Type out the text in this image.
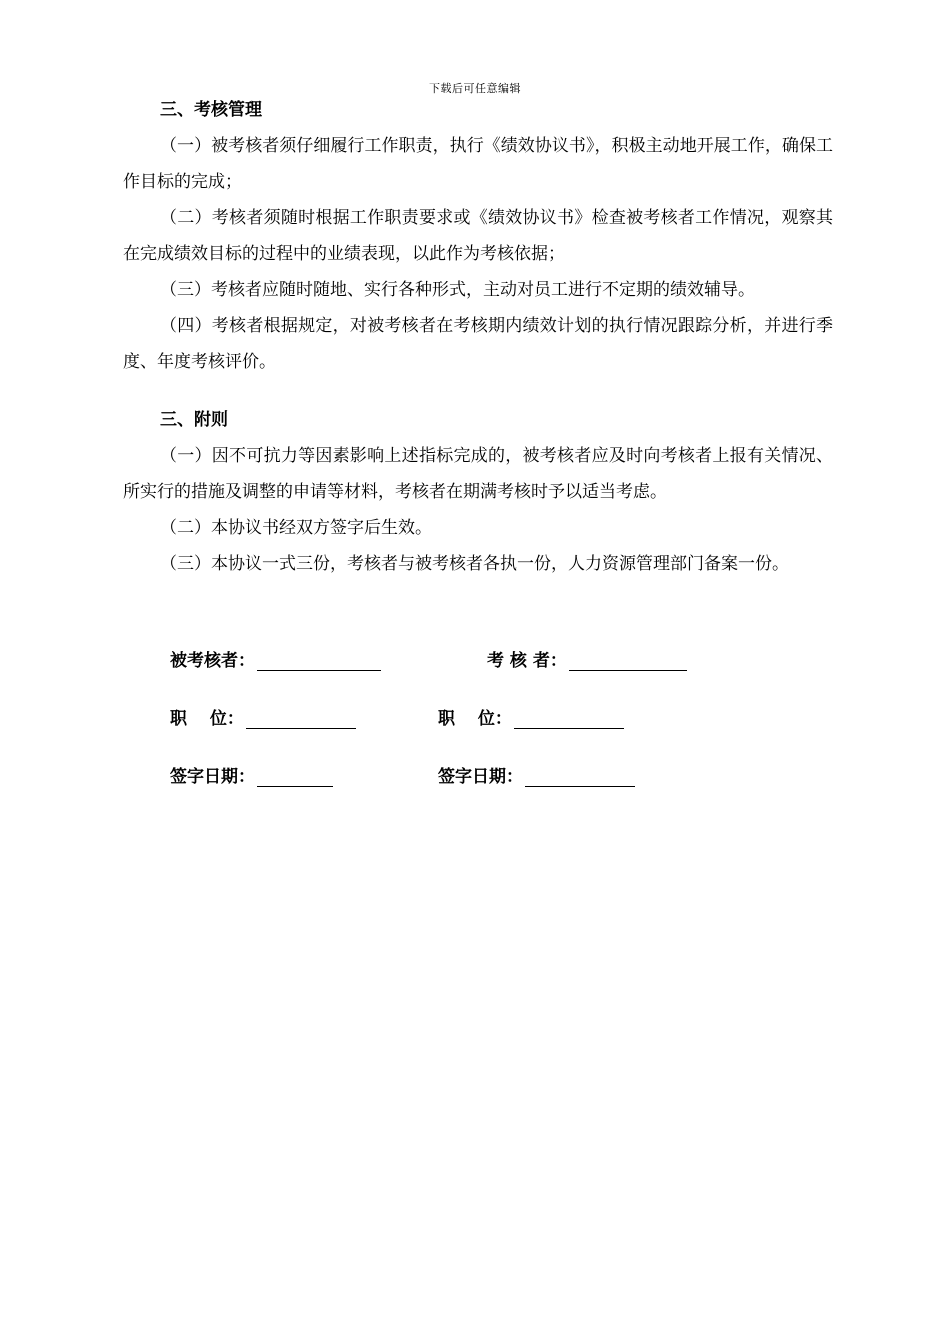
下载后可任意编辑
三、考核管理

（一）被考核者须仔细履行工作职责，执行《绩效协议书》，积极主动地开展工作，确保工作目标的完成；

（二）考核者须随时根据工作职责要求或《绩效协议书》检查被考核者工作情况，观察其在完成绩效目标的过程中的业绩表现，以此作为考核依据；

（三）考核者应随时随地、实行各种形式，主动对员工进行不定期的绩效辅导。

（四）考核者根据规定，对被考核者在考核期内绩效计划的执行情况跟踪分析，并进行季度、年度考核评价。

三、附则

（一）因不可抗力等因素影响上述指标完成的，被考核者应及时向考核者上报有关情况、所实行的措施及调整的申请等材料，考核者在期满考核时予以适当考虑。

（二）本协议书经双方签字后生效。

（三）本协议一式三份，考核者与被考核者各执一份，人力资源管理部门备案一份。

被考核者：	考 核 者：
职　 位：	职　 位：
签字日期：	签字日期：
